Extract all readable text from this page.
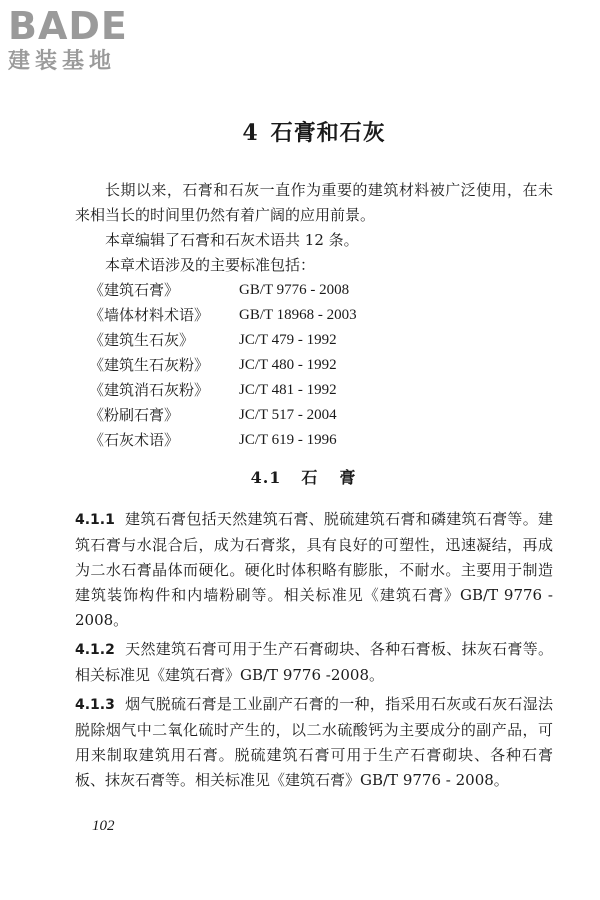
BADE
建装基地
4 石膏和石灰

长期以来，石膏和石灰一直作为重要的建筑材料被广泛使用，在未来相当长的时间里仍然有着广阔的应用前景。

本章编辑了石膏和石灰术语共 12 条。

本章术语涉及的主要标准包括：

《建筑石膏》	GB/T 9776 - 2008
《墙体材料术语》	GB/T 18968 - 2003
《建筑生石灰》	JC/T 479 - 1992
《建筑生石灰粉》	JC/T 480 - 1992
《建筑消石灰粉》	JC/T 481 - 1992
《粉刷石膏》	JC/T 517 - 2004
《石灰术语》	JC/T 619 - 1996
4.1 石膏

4.1.1 建筑石膏包括天然建筑石膏、脱硫建筑石膏和磷建筑石膏等。建筑石膏与水混合后，成为石膏浆，具有良好的可塑性，迅速凝结，再成为二水石膏晶体而硬化。硬化时体积略有膨胀，不耐水。主要用于制造建筑装饰构件和内墙粉刷等。相关标准见《建筑石膏》GB/T 9776 - 2008。

4.1.2 天然建筑石膏可用于生产石膏砌块、各种石膏板、抹灰石膏等。相关标准见《建筑石膏》GB/T 9776 -2008。

4.1.3 烟气脱硫石膏是工业副产石膏的一种，指采用石灰或石灰石湿法脱除烟气中二氧化硫时产生的，以二水硫酸钙为主要成分的副产品，可用来制取建筑用石膏。脱硫建筑石膏可用于生产石膏砌块、各种石膏板、抹灰石膏等。相关标准见《建筑石膏》GB/T 9776 - 2008。

102
